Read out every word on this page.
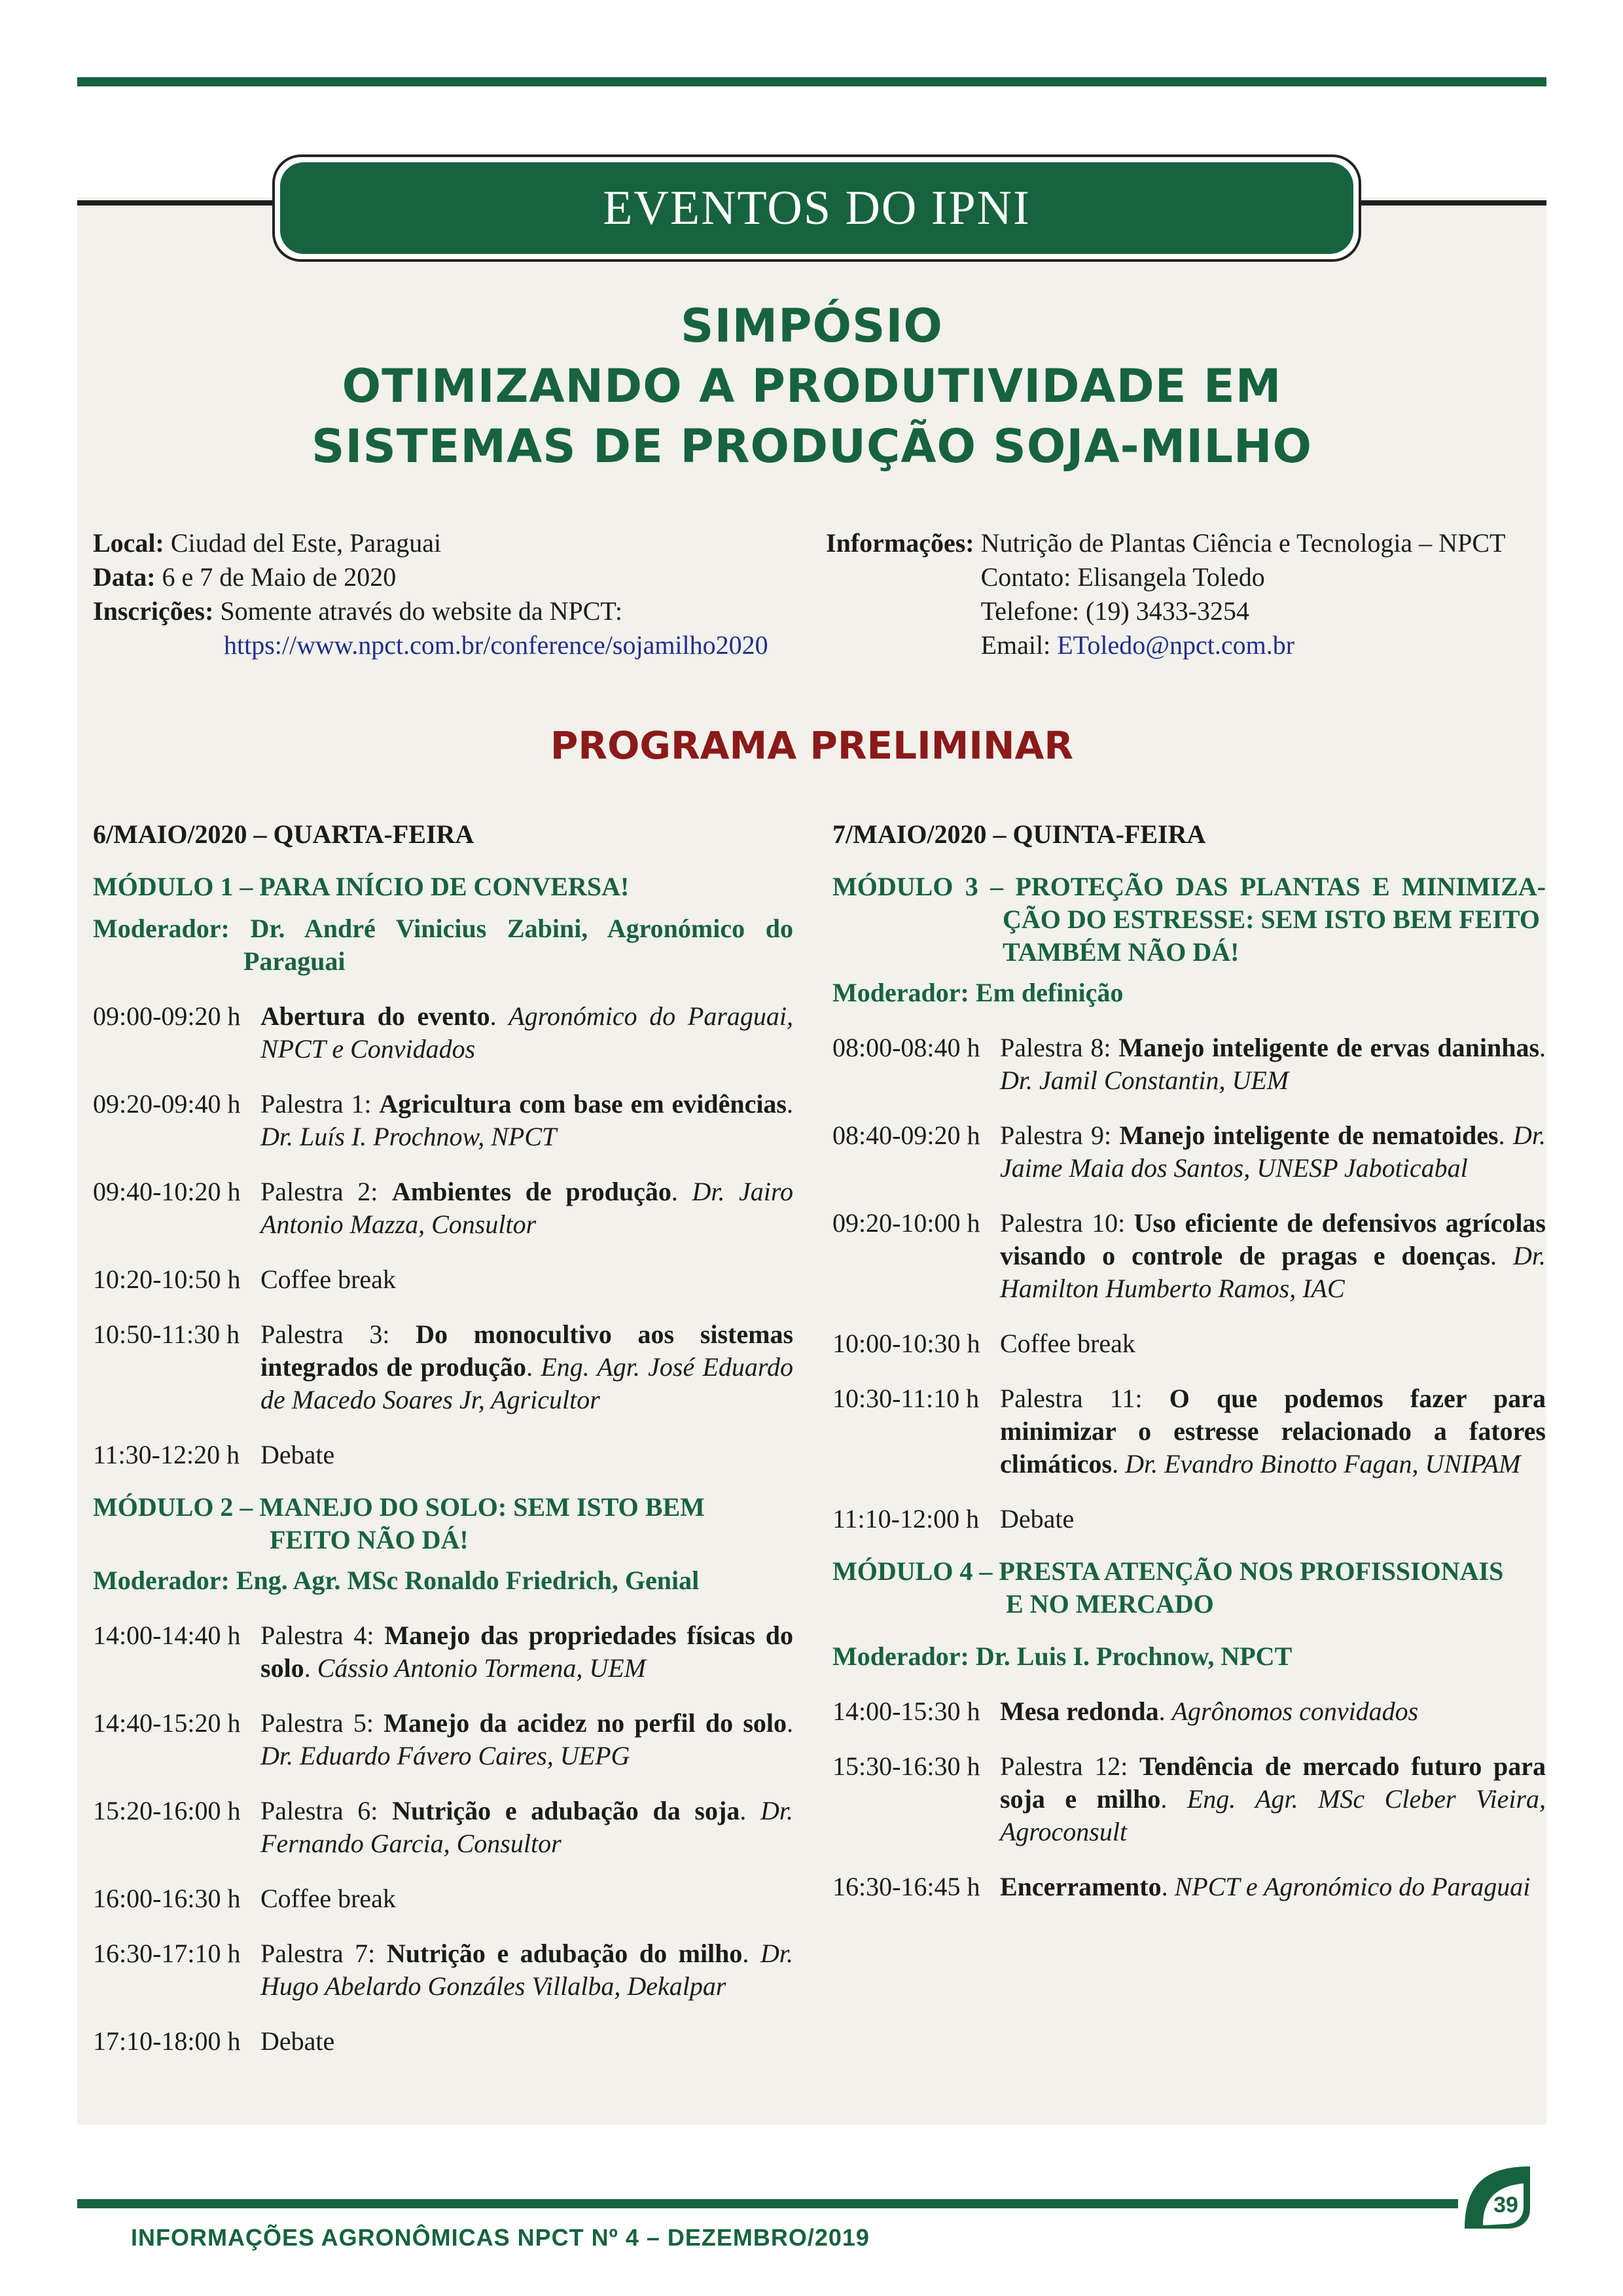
EVENTOS DO IPNI
SIMPÓSIO
OTIMIZANDO A PRODUTIVIDADE EM
SISTEMAS DE PRODUÇÃO SOJA-MILHO
Local: Ciudad del Este, Paraguai
Data: 6 e 7 de Maio de 2020
Inscrições: Somente através do website da NPCT:
https://www.npct.com.br/conference/sojamilho2020
Informações: Nutrição de Plantas Ciência e Tecnologia – NPCT
Contato: Elisangela Toledo
Telefone: (19) 3433-3254
Email: EToledo@npct.com.br
PROGRAMA PRELIMINAR
6/MAIO/2020 – QUARTA-FEIRA
MÓDULO 1 – PARA INÍCIO DE CONVERSA!
Moderador: Dr. André Vinicius Zabini, Agronómico do
Paraguai
09:00-09:20 h Abertura do evento. Agronómico do Paraguai, NPCT e Convidados
09:20-09:40 h Palestra 1: Agricultura com base em evidências. Dr. Luís I. Prochnow, NPCT
09:40-10:20 h Palestra 2: Ambientes de produção. Dr. Jairo Antonio Mazza, Consultor
10:20-10:50 h Coffee break
10:50-11:30 h Palestra 3: Do monocultivo aos sistemas integrados de produção. Eng. Agr. José Eduardo de Macedo Soares Jr, Agricultor
11:30-12:20 h Debate
MÓDULO 2 – MANEJO DO SOLO: SEM ISTO BEM
FEITO NÃO DÁ!
Moderador: Eng. Agr. MSc Ronaldo Friedrich, Genial
14:00-14:40 h Palestra 4: Manejo das propriedades físicas do solo. Cássio Antonio Tormena, UEM
14:40-15:20 h Palestra 5: Manejo da acidez no perfil do solo. Dr. Eduardo Fávero Caires, UEPG
15:20-16:00 h Palestra 6: Nutrição e adubação da soja. Dr. Fernando Garcia, Consultor
16:00-16:30 h Coffee break
16:30-17:10 h Palestra 7: Nutrição e adubação do milho. Dr. Hugo Abelardo Gonzáles Villalba, Dekalpar
17:10-18:00 h Debate
7/MAIO/2020 – QUINTA-FEIRA
MÓDULO 3 – PROTEÇÃO DAS PLANTAS E MINIMIZA-
ÇÃO DO ESTRESSE: SEM ISTO BEM FEITO
TAMBÉM NÃO DÁ!
Moderador: Em definição
08:00-08:40 h Palestra 8: Manejo inteligente de ervas daninhas. Dr. Jamil Constantin, UEM
08:40-09:20 h Palestra 9: Manejo inteligente de nematoides. Dr. Jaime Maia dos Santos, UNESP Jaboticabal
09:20-10:00 h Palestra 10: Uso eficiente de defensivos agrícolas visando o controle de pragas e doenças. Dr. Hamilton Humberto Ramos, IAC
10:00-10:30 h Coffee break
10:30-11:10 h Palestra 11: O que podemos fazer para minimizar o estresse relacionado a fatores climáticos. Dr. Evandro Binotto Fagan, UNIPAM
11:10-12:00 h Debate
MÓDULO 4 – PRESTA ATENÇÃO NOS PROFISSIONAIS
E NO MERCADO
Moderador: Dr. Luis I. Prochnow, NPCT
14:00-15:30 h Mesa redonda. Agrônomos convidados
15:30-16:30 h Palestra 12: Tendência de mercado futuro para soja e milho. Eng. Agr. MSc Cleber Vieira, Agroconsult
16:30-16:45 h Encerramento. NPCT e Agronómico do Paraguai
39
INFORMAÇÕES AGRONÔMICAS NPCT Nº 4 – DEZEMBRO/2019
